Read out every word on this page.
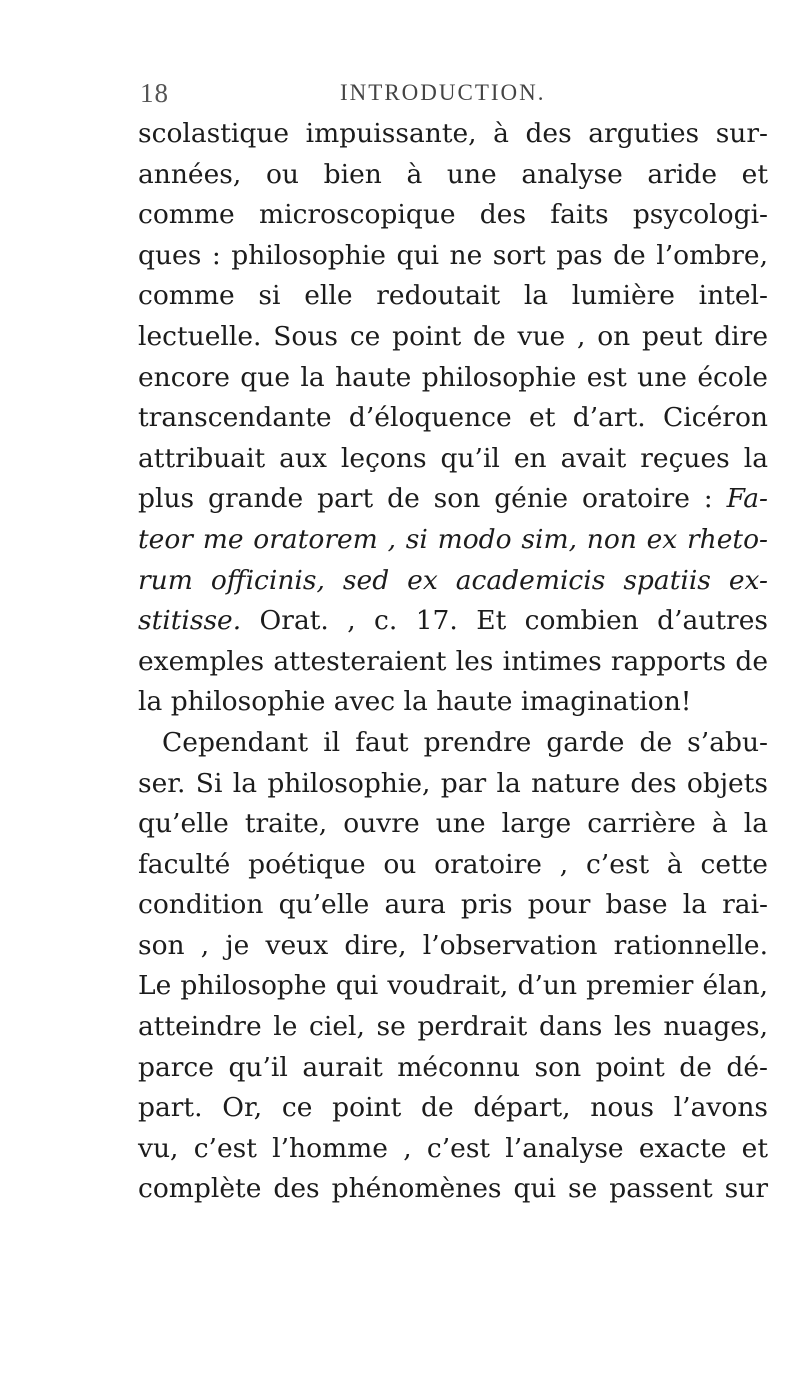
18	INTRODUCTION.
scolastique impuissante, à des arguties sur-
années, ou bien à une analyse aride et
comme microscopique des faits psycologi-
ques : philosophie qui ne sort pas de l’ombre,
comme si elle redoutait la lumière intel-
lectuelle. Sous ce point de vue , on peut dire
encore que la haute philosophie est une école
transcendante d’éloquence et d’art. Cicéron
attribuait aux leçons qu’il en avait reçues la
plus grande part de son génie oratoire : Fa-
teor me oratorem , si modo sim, non ex rheto-
rum officinis, sed ex academicis spatiis ex-
stitisse. Orat. , c. 17. Et combien d’autres
exemples attesteraient les intimes rapports de
la philosophie avec la haute imagination!
Cependant il faut prendre garde de s’abu-
ser. Si la philosophie, par la nature des objets
qu’elle traite, ouvre une large carrière à la
faculté poétique ou oratoire , c’est à cette
condition qu’elle aura pris pour base la rai-
son , je veux dire, l’observation rationnelle.
Le philosophe qui voudrait, d’un premier élan,
atteindre le ciel, se perdrait dans les nuages,
parce qu’il aurait méconnu son point de dé-
part. Or, ce point de départ, nous l’avons
vu, c’est l’homme , c’est l’analyse exacte et
complète des phénomènes qui se passent sur
